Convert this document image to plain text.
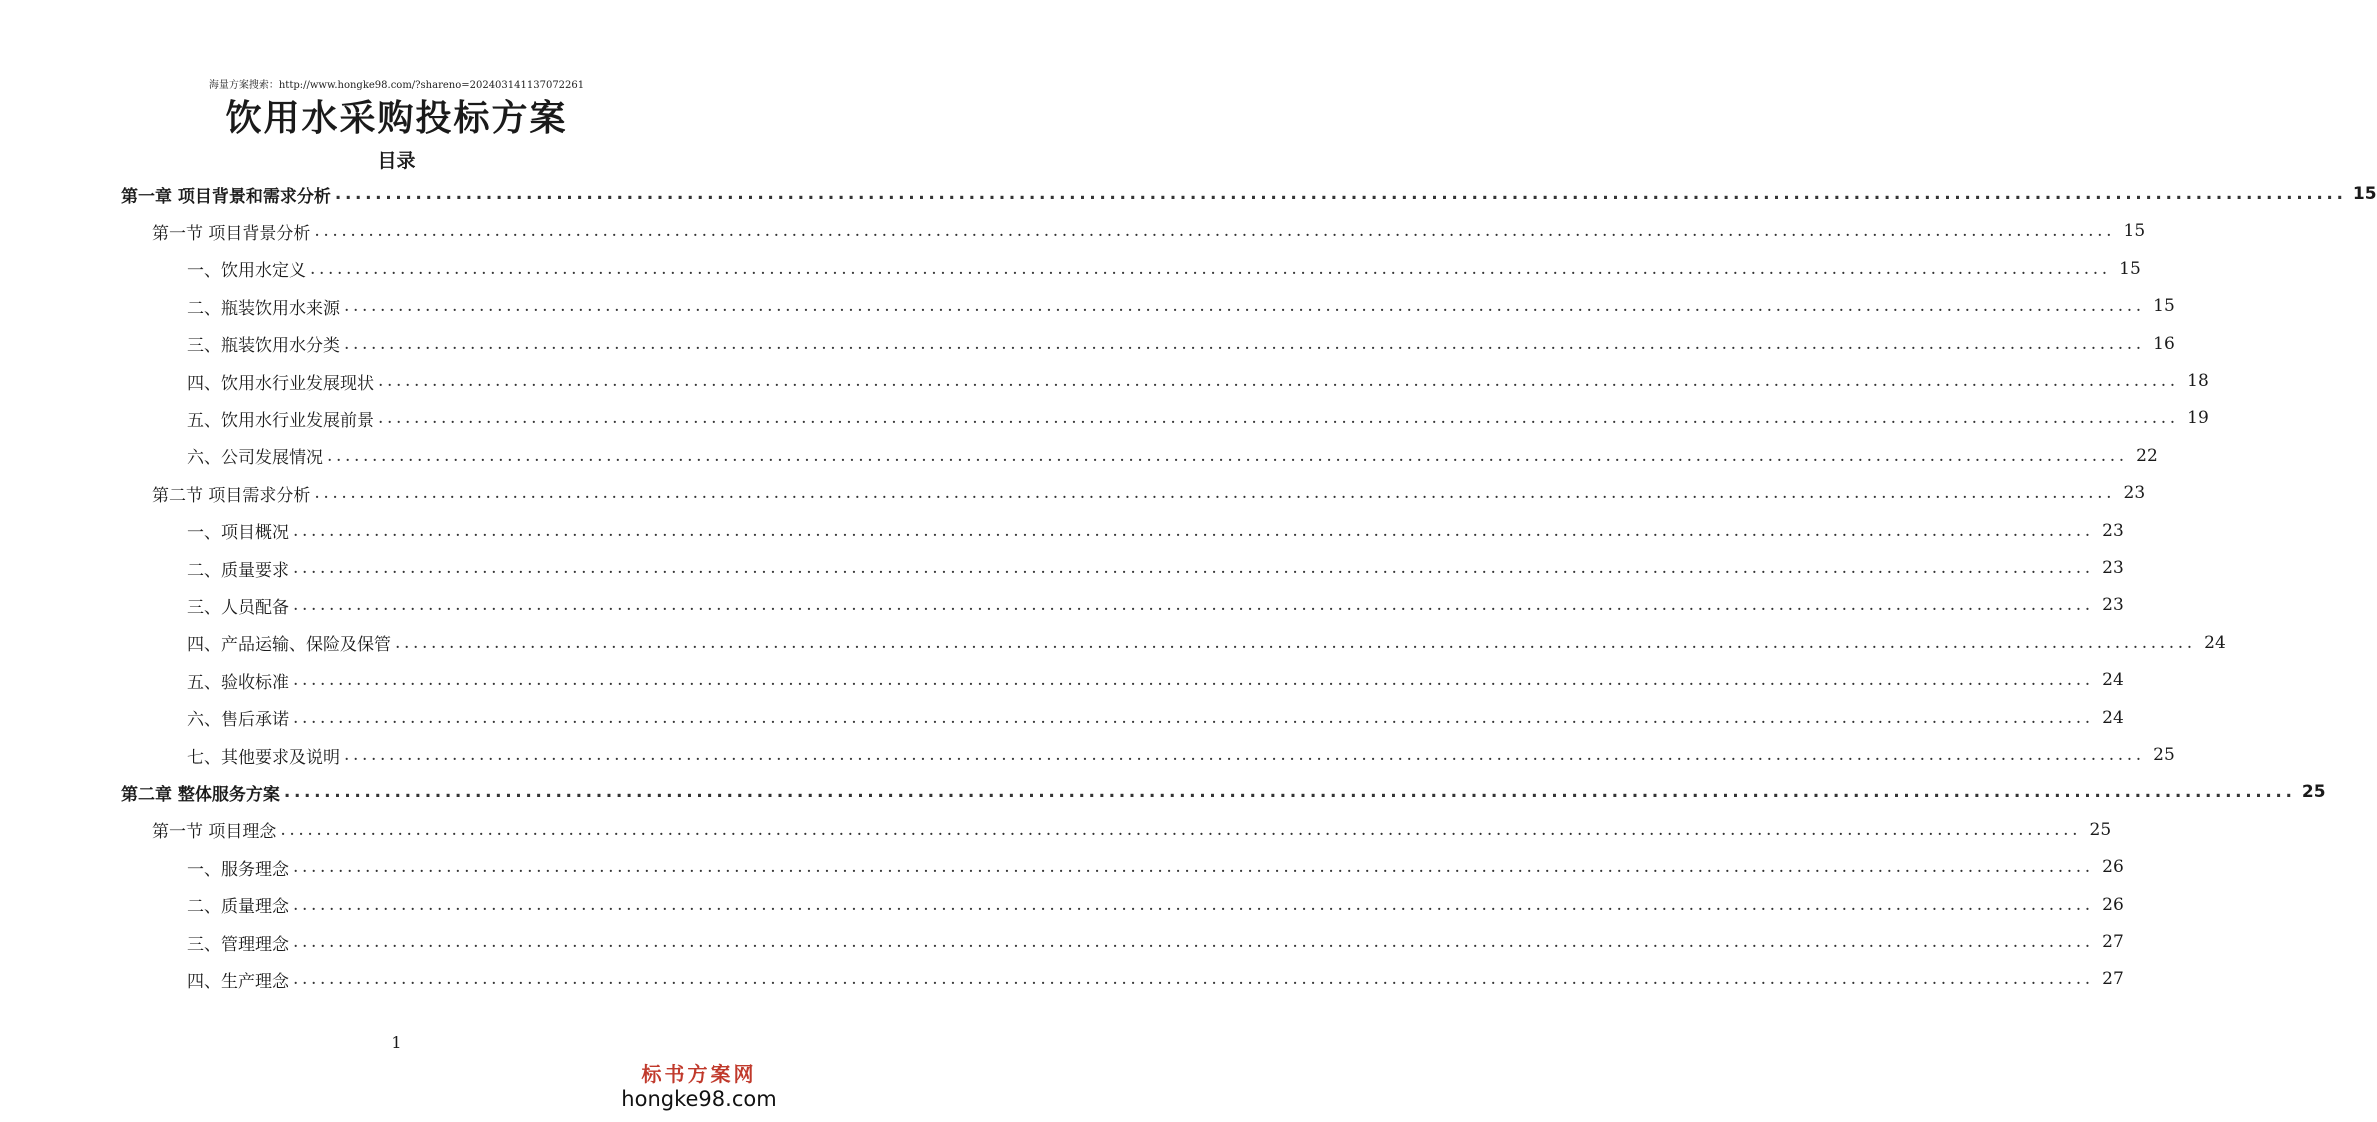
海量方案搜索：http://www.hongke98.com/?shareno=202403141137072261
饮用水采购投标方案
目录
第一章 项目背景和需求分析 ........................................................................................................................................................................................................ 15
第一节 项目背景分析 ........................................................................................................................................................................................................ 15
一、饮用水定义 ........................................................................................................................................................................................................ 15
二、瓶装饮用水来源 ........................................................................................................................................................................................................ 15
三、瓶装饮用水分类 ........................................................................................................................................................................................................ 16
四、饮用水行业发展现状 ........................................................................................................................................................................................................ 18
五、饮用水行业发展前景 ........................................................................................................................................................................................................ 19
六、公司发展情况 ........................................................................................................................................................................................................ 22
第二节 项目需求分析 ........................................................................................................................................................................................................ 23
一、项目概况 ........................................................................................................................................................................................................ 23
二、质量要求 ........................................................................................................................................................................................................ 23
三、人员配备 ........................................................................................................................................................................................................ 23
四、产品运输、保险及保管 ........................................................................................................................................................................................................ 24
五、验收标准 ........................................................................................................................................................................................................ 24
六、售后承诺 ........................................................................................................................................................................................................ 24
七、其他要求及说明 ........................................................................................................................................................................................................ 25
第二章 整体服务方案 ........................................................................................................................................................................................................ 25
第一节 项目理念 ........................................................................................................................................................................................................ 25
一、服务理念 ........................................................................................................................................................................................................ 26
二、质量理念 ........................................................................................................................................................................................................ 26
三、管理理念 ........................................................................................................................................................................................................ 27
四、生产理念 ........................................................................................................................................................................................................ 27
1
标书方案网
hongke98.com
